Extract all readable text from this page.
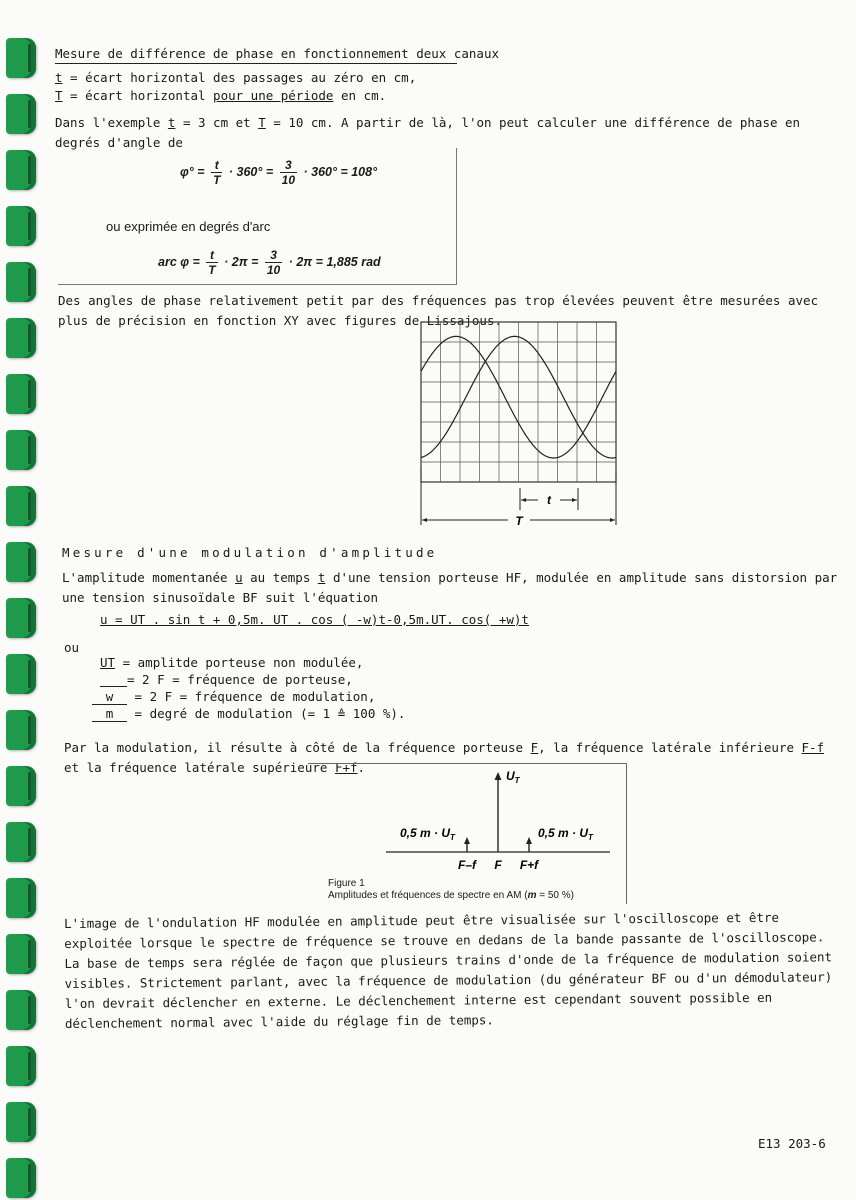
Mesure de différence de phase en fonctionnement deux canaux
t = écart horizontal des passages au zéro en cm,
T = écart horizontal pour une période en cm.
Dans l'exemple t = 3 cm et T = 10 cm. A partir de là, l'on peut calculer une différence de phase en degrés d'angle de
$\varphi^\circ = \frac{t}{T} \cdot 360^\circ = \frac{3}{10} \cdot 360^\circ = 108^\circ$
ou exprimée en degrés d'arc
arc $\varphi = \frac{t}{T} \cdot 2\pi = \frac{3}{10} \cdot 2\pi = 1,885$ rad
Des angles de phase relativement petit par des fréquences pas trop élevées peuvent être mesurées avec plus de précision en fonction XY avec figures de Lissajous.
t
T
Mesure d'une modulation d'amplitude
L'amplitude momentanée u au temps t d'une tension porteuse HF, modulée en amplitude sans distorsion par une tension sinusoïdale BF suit l'équation
u = UT . sin t + 0,5m. UT . cos ( -w)t-0,5m.UT. cos( +w)t
ou
UT = amplitde porteuse non modulée,
= 2 F = fréquence de porteuse,
w = 2 F = fréquence de modulation,
m = degré de modulation (= 1 ≙ 100 %).
Par la modulation, il résulte à côté de la fréquence porteuse F, la fréquence latérale inférieure F-f et la fréquence latérale supérieure F+f.
$U_T$
0,5 $m \cdot U_T$	0,5 $m \cdot U_T$
F–f F F+f
Figure 1
Amplitudes et fréquences de spectre en AM (m = 50 %)
L'image de l'ondulation HF modulée en amplitude peut être visualisée sur l'oscilloscope et être exploitée lorsque le spectre de fréquence se trouve en dedans de la bande passante de l'oscilloscope. La base de temps sera réglée de façon que plusieurs trains d'onde de la fréquence de modulation soient visibles. Strictement parlant, avec la fréquence de modulation (du générateur BF ou d'un démodulateur) l'on devrait déclencher en externe. Le déclenchement interne est cependant souvent possible en déclenchement normal avec l'aide du réglage fin de temps.
E13 203-6
